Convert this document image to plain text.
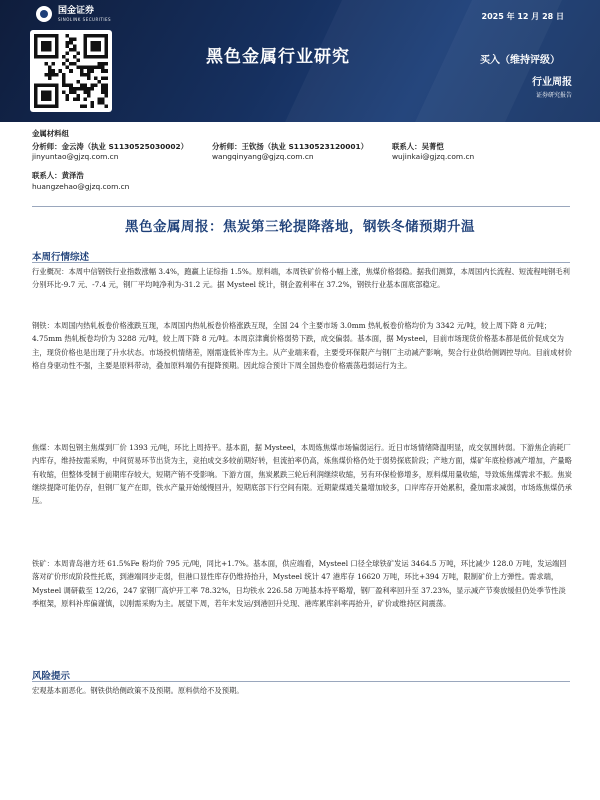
国金证券
SINOLINK SECURITIES	2025 年 12 月 28 日
黑色金属行业研究	买入（维持评级）
行业周报
证券研究报告
金属材料组
分析师：金云涛（执业 S1130525030002）
jinyuntao@gjzq.com.cn
分析师：王钦扬（执业 S1130523120001）
wangqinyang@gjzq.com.cn
联系人：吴菁恺
wujinkai@gjzq.com.cn
联系人：黄泽浩
huangzehao@gjzq.com.cn
黑色金属周报：焦炭第三轮提降落地，钢铁冬储预期升温
本周行情综述
行业概况：本周中信钢铁行业指数涨幅 3.4%，跑赢上证综指 1.5%。原料端，本周铁矿价格小幅上涨，焦煤价格弱稳。据我们测算，本周国内长流程、短流程吨钢毛利分别环比-9.7 元、-7.4 元，钢厂平均吨净利为-31.2 元。据 Mysteel 统计，钢企盈利率在 37.2%，钢铁行业基本面底部稳定。
钢铁：本周国内热轧板卷价格涨跌互现，本周国内热轧板卷价格涨跌互现，全国 24 个主要市场 3.0mm 热轧板卷价格均价为 3342 元/吨，较上周下降 8 元/吨；4.75mm 热轧板卷均价为 3288 元/吨，较上周下降 8 元/吨。本周京津冀价格弱势下跌，成交偏弱。基本面，据 Mysteel，目前市场现货价格基本都是低价促成交为主，现货价格也是出现了升水状态。市场投机情绪差，刚需逢低补库为主。从产业端来看，主要受环保限产与钢厂主动减产影响，契合行业供给侧调控导向。目前成材价格自身驱动性不强，主要是原料带动，叠加原料端仍有提降预期。因此综合预计下周全国热卷价格震荡趋弱运行为主。
焦煤：本周包钢主焦煤到厂价 1393 元/吨，环比上周持平。基本面，据 Mysteel，本周炼焦煤市场偏弱运行。近日市场情绪降温明显，成交氛围转弱。下游焦企消耗厂内库存，维持按需采购，中间贸易环节出货为主，竞拍成交多较前期好转，但流拍率仍高，炼焦煤价格仍处于弱势探底阶段；产地方面，煤矿年底检修减产增加，产量略有收缩，但整体受制于前期库存较大，短期产销不受影响。下游方面，焦炭累跌三轮后利润继续收缩，另有环保检修增多，原料煤用量收缩，导致炼焦煤需求不振。焦炭继续提降可能仍存，但钢厂复产在即，铁水产量开始缓慢回升，短期底部下行空间有限。近期蒙煤通关量增加较多，口岸库存开始累积，叠加需求减弱，市场炼焦煤仍承压。
铁矿：本周青岛港方坯 61.5%Fe 粉均价 795 元/吨，同比+1.7%。基本面，供应端看，Mysteel 口径全球铁矿发运 3464.5 万吨，环比减少 128.0 万吨，发运端回落对矿价形成阶段性托底，到港端同步走弱，但港口显性库存仍维持抬升，Mysteel 统计 47 港库存 16620 万吨，环比+394 万吨，限制矿价上方弹性。需求端，Mysteel 调研截至 12/26，247 家钢厂高炉开工率 78.32%，日均铁水 226.58 万吨基本持平略增，钢厂盈利率回升至 37.23%，显示减产节奏放缓但仍处季节性淡季框架，原料补库偏谨慎，以刚需采购为主。展望下周，若年末发运/到港回升兑现、港库累库斜率再抬升，矿价或维持区间震荡。
风险提示
宏观基本面恶化。钢铁供给侧政策不及预期。原料供给不及预期。
